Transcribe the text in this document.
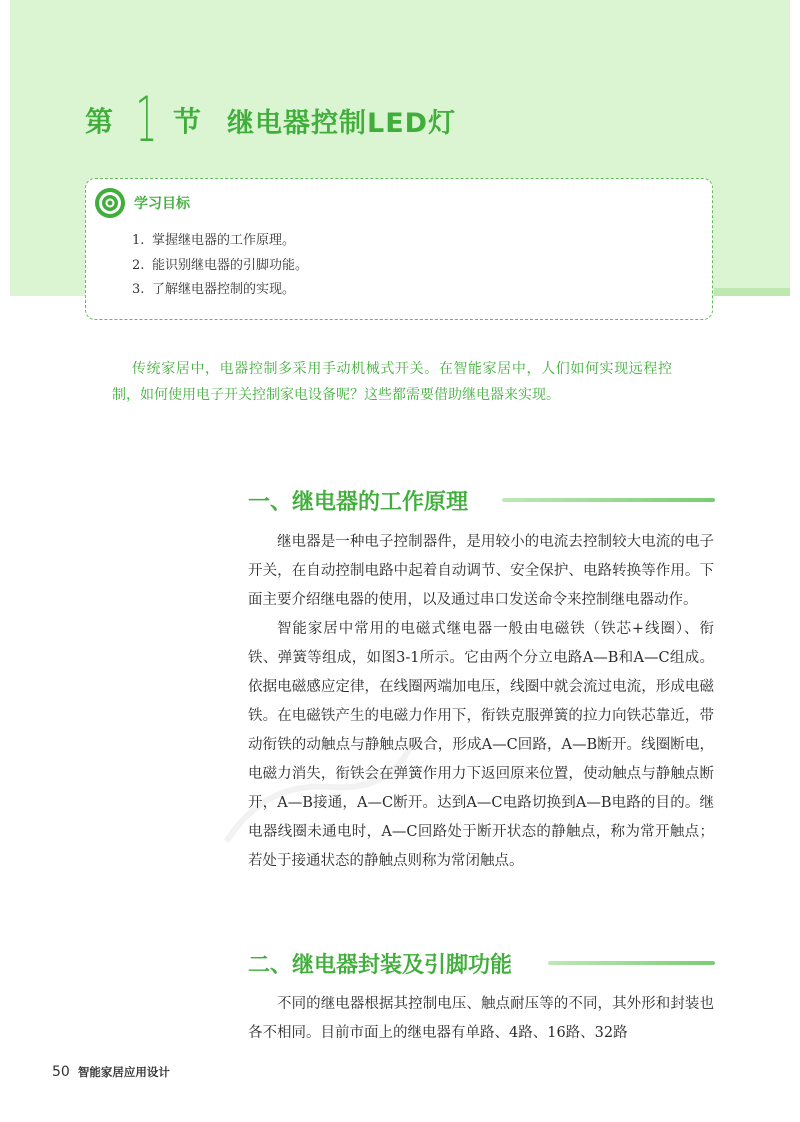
第 1 节 继电器控制LED灯
学习目标
1. 掌握继电器的工作原理。
2. 能识别继电器的引脚功能。
3. 了解继电器控制的实现。
传统家居中，电器控制多采用手动机械式开关。在智能家居中，人们如何实现远程控制，如何使用电子开关控制家电设备呢？这些都需要借助继电器来实现。
一、继电器的工作原理

继电器是一种电子控制器件，是用较小的电流去控制较大电流的电子开关，在自动控制电路中起着自动调节、安全保护、电路转换等作用。下面主要介绍继电器的使用，以及通过串口发送命令来控制继电器动作。

智能家居中常用的电磁式继电器一般由电磁铁（铁芯+线圈）、衔铁、弹簧等组成，如图3-1所示。它由两个分立电路A—B和A—C组成。依据电磁感应定律，在线圈两端加电压，线圈中就会流过电流，形成电磁铁。在电磁铁产生的电磁力作用下，衔铁克服弹簧的拉力向铁芯靠近，带动衔铁的动触点与静触点吸合，形成A—C回路，A—B断开。线圈断电，电磁力消失，衔铁会在弹簧作用力下返回原来位置，使动触点与静触点断开，A—B接通，A—C断开。达到A—C电路切换到A—B电路的目的。继电器线圈未通电时，A—C回路处于断开状态的静触点，称为常开触点；若处于接通状态的静触点则称为常闭触点。

二、继电器封装及引脚功能

不同的继电器根据其控制电压、触点耐压等的不同，其外形和封装也各不相同。目前市面上的继电器有单路、4路、16路、32路

50 智能家居应用设计
